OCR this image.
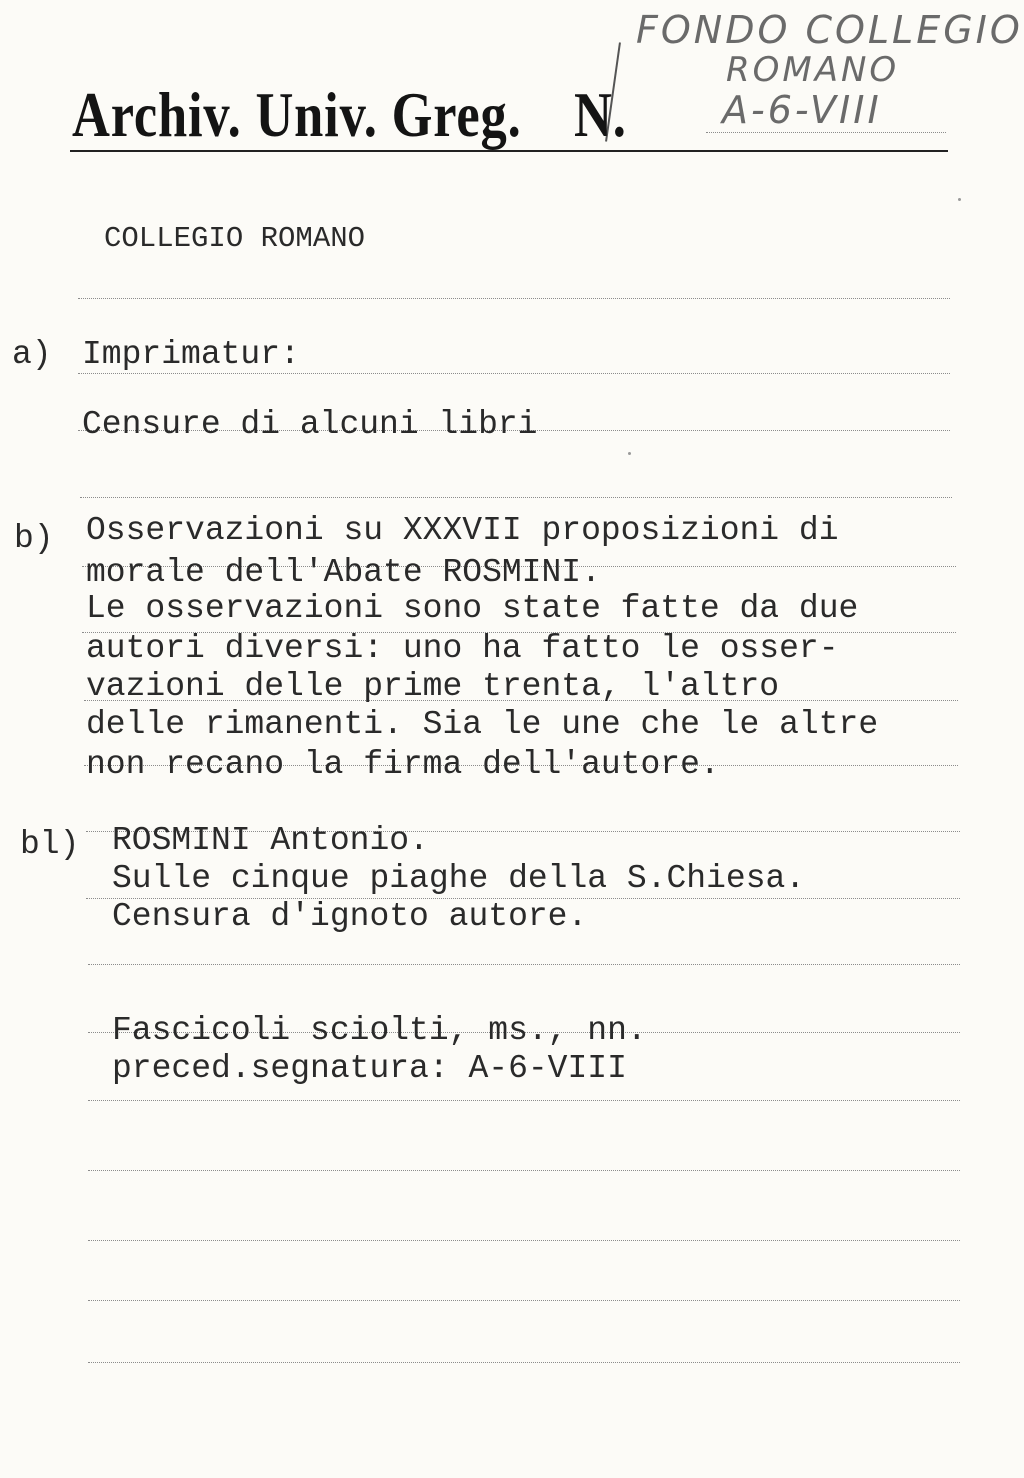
FONDO COLLEGIO
ROMANO
A-6-VIII
Archiv. Univ. Greg. N.
COLLEGIO ROMANO
a) Imprimatur:
Censure di alcuni libri
b) Osservazioni su XXXVII proposizioni di
morale dell'Abate ROSMINI.
Le osservazioni sono state fatte da due
autori diversi: uno ha fatto le osser-
vazioni delle prime trenta, l'altro
delle rimanenti. Sia le une che le altre
non recano la firma dell'autore.
bl) ROSMINI Antonio.
Sulle cinque piaghe della S.Chiesa.
Censura d'ignoto autore.
Fascicoli sciolti, ms., nn.
preced.segnatura: A-6-VIII
